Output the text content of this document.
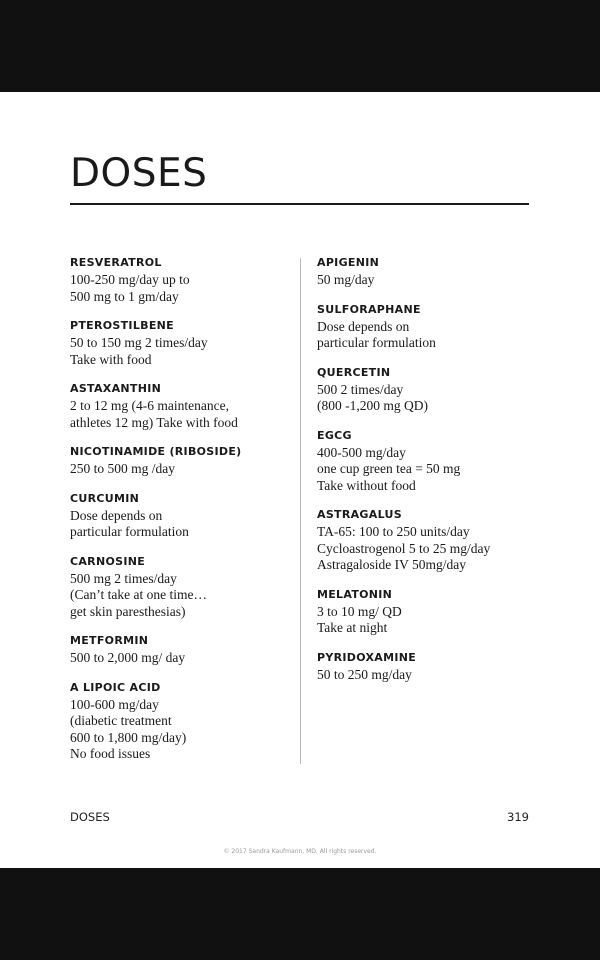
DOSES
RESVERATROL
100-250 mg/day up to
500 mg to 1 gm/day
PTEROSTILBENE
50 to 150 mg 2 times/day
Take with food
ASTAXANTHIN
2 to 12 mg (4-6 maintenance,
athletes 12 mg) Take with food
NICOTINAMIDE (RIBOSIDE)
250 to 500 mg /day
CURCUMIN
Dose depends on
particular formulation
CARNOSINE
500 mg 2 times/day
(Can’t take at one time…
get skin paresthesias)
METFORMIN
500 to 2,000 mg/ day
A LIPOIC ACID
100-600 mg/day
(diabetic treatment
600 to 1,800 mg/day)
No food issues
APIGENIN
50 mg/day
SULFORAPHANE
Dose depends on
particular formulation
QUERCETIN
500 2 times/day
(800 -1,200 mg QD)
EGCG
400-500 mg/day
one cup green tea = 50 mg
Take without food
ASTRAGALUS
TA-65: 100 to 250 units/day
Cycloastrogenol 5 to 25 mg/day
Astragaloside IV 50mg/day
MELATONIN
3 to 10 mg/ QD
Take at night
PYRIDOXAMINE
50 to 250 mg/day
DOSES	319
© 2017 Sandra Kaufmann, MD. All rights reserved.
